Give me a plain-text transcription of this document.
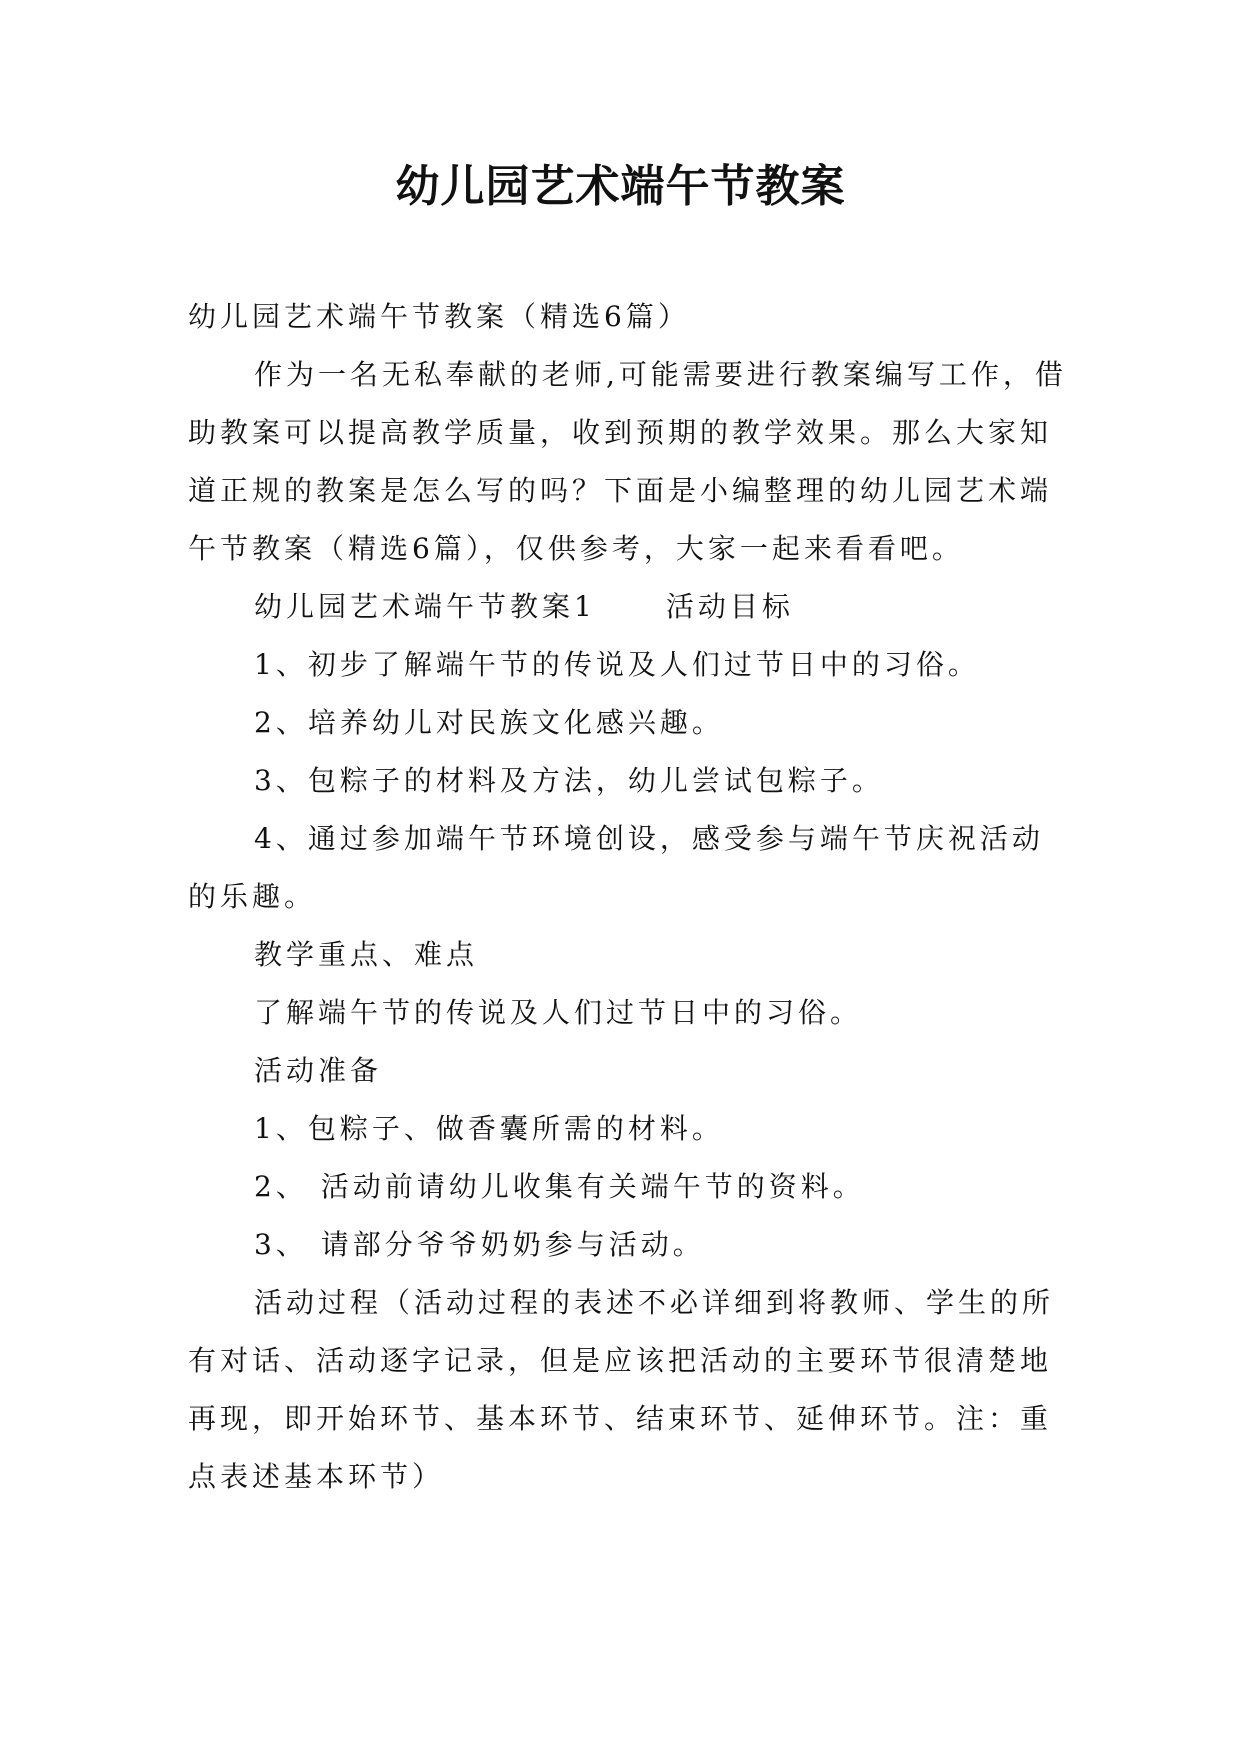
幼儿园艺术端午节教案

幼儿园艺术端午节教案（精选6篇）

作为一名无私奉献的老师,可能需要进行教案编写工作，借助教案可以提高教学质量，收到预期的教学效果。那么大家知道正规的教案是怎么写的吗？下面是小编整理的幼儿园艺术端午节教案（精选6篇），仅供参考，大家一起来看看吧。

幼儿园艺术端午节教案1	活动目标

1、初步了解端午节的传说及人们过节日中的习俗。

2、培养幼儿对民族文化感兴趣。

3、包粽子的材料及方法，幼儿尝试包粽子。

4、通过参加端午节环境创设，感受参与端午节庆祝活动的乐趣。

教学重点、难点

了解端午节的传说及人们过节日中的习俗。

活动准备

1、包粽子、做香囊所需的材料。

2、 活动前请幼儿收集有关端午节的资料。

3、 请部分爷爷奶奶参与活动。

活动过程（活动过程的表述不必详细到将教师、学生的所有对话、活动逐字记录，但是应该把活动的主要环节很清楚地再现，即开始环节、基本环节、结束环节、延伸环节。注：重点表述基本环节）
